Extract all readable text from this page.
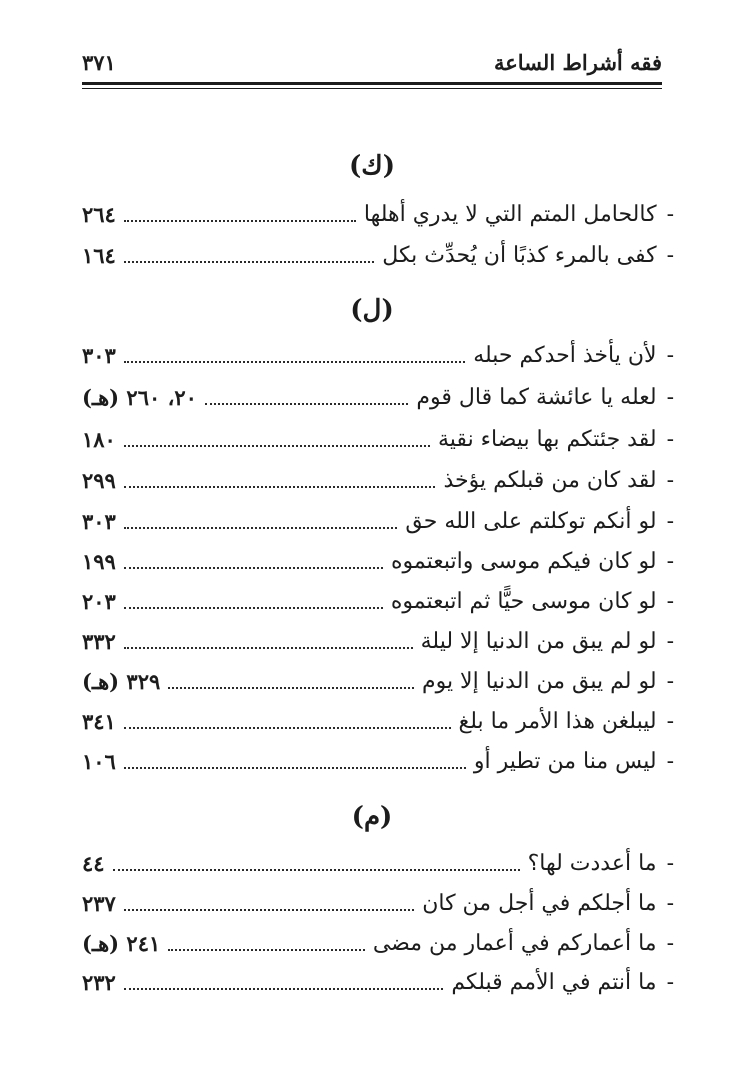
فقه أشراط الساعة
٣٧١
(ك)
-
كالحامل المتم التي لا يدري أهلها
٢٦٤
-
كفى بالمرء كذبًا أن يُحدِّث بكل
١٦٤
(ل)
-
لأن يأخذ أحدكم حبله
٣٠٣
-
لعله يا عائشة كما قال قوم
٢٠، ٢٦٠ (هـ)
-
لقد جئتكم بها بيضاء نقية
١٨٠
-
لقد كان من قبلكم يؤخذ
٢٩٩
-
لو أنكم توكلتم على الله حق
٣٠٣
-
لو كان فيكم موسى واتبعتموه
١٩٩
-
لو كان موسى حيًّا ثم اتبعتموه
٢٠٣
-
لو لم يبق من الدنيا إلا ليلة
٣٣٢
-
لو لم يبق من الدنيا إلا يوم
٣٢٩ (هـ)
-
ليبلغن هذا الأمر ما بلغ
٣٤١
-
ليس منا من تطير أو
١٠٦
(م)
-
ما أعددت لها؟
٤٤
-
ما أجلكم في أجل من كان
٢٣٧
-
ما أعماركم في أعمار من مضى
٢٤١ (هـ)
-
ما أنتم في الأمم قبلكم
٢٣٢
